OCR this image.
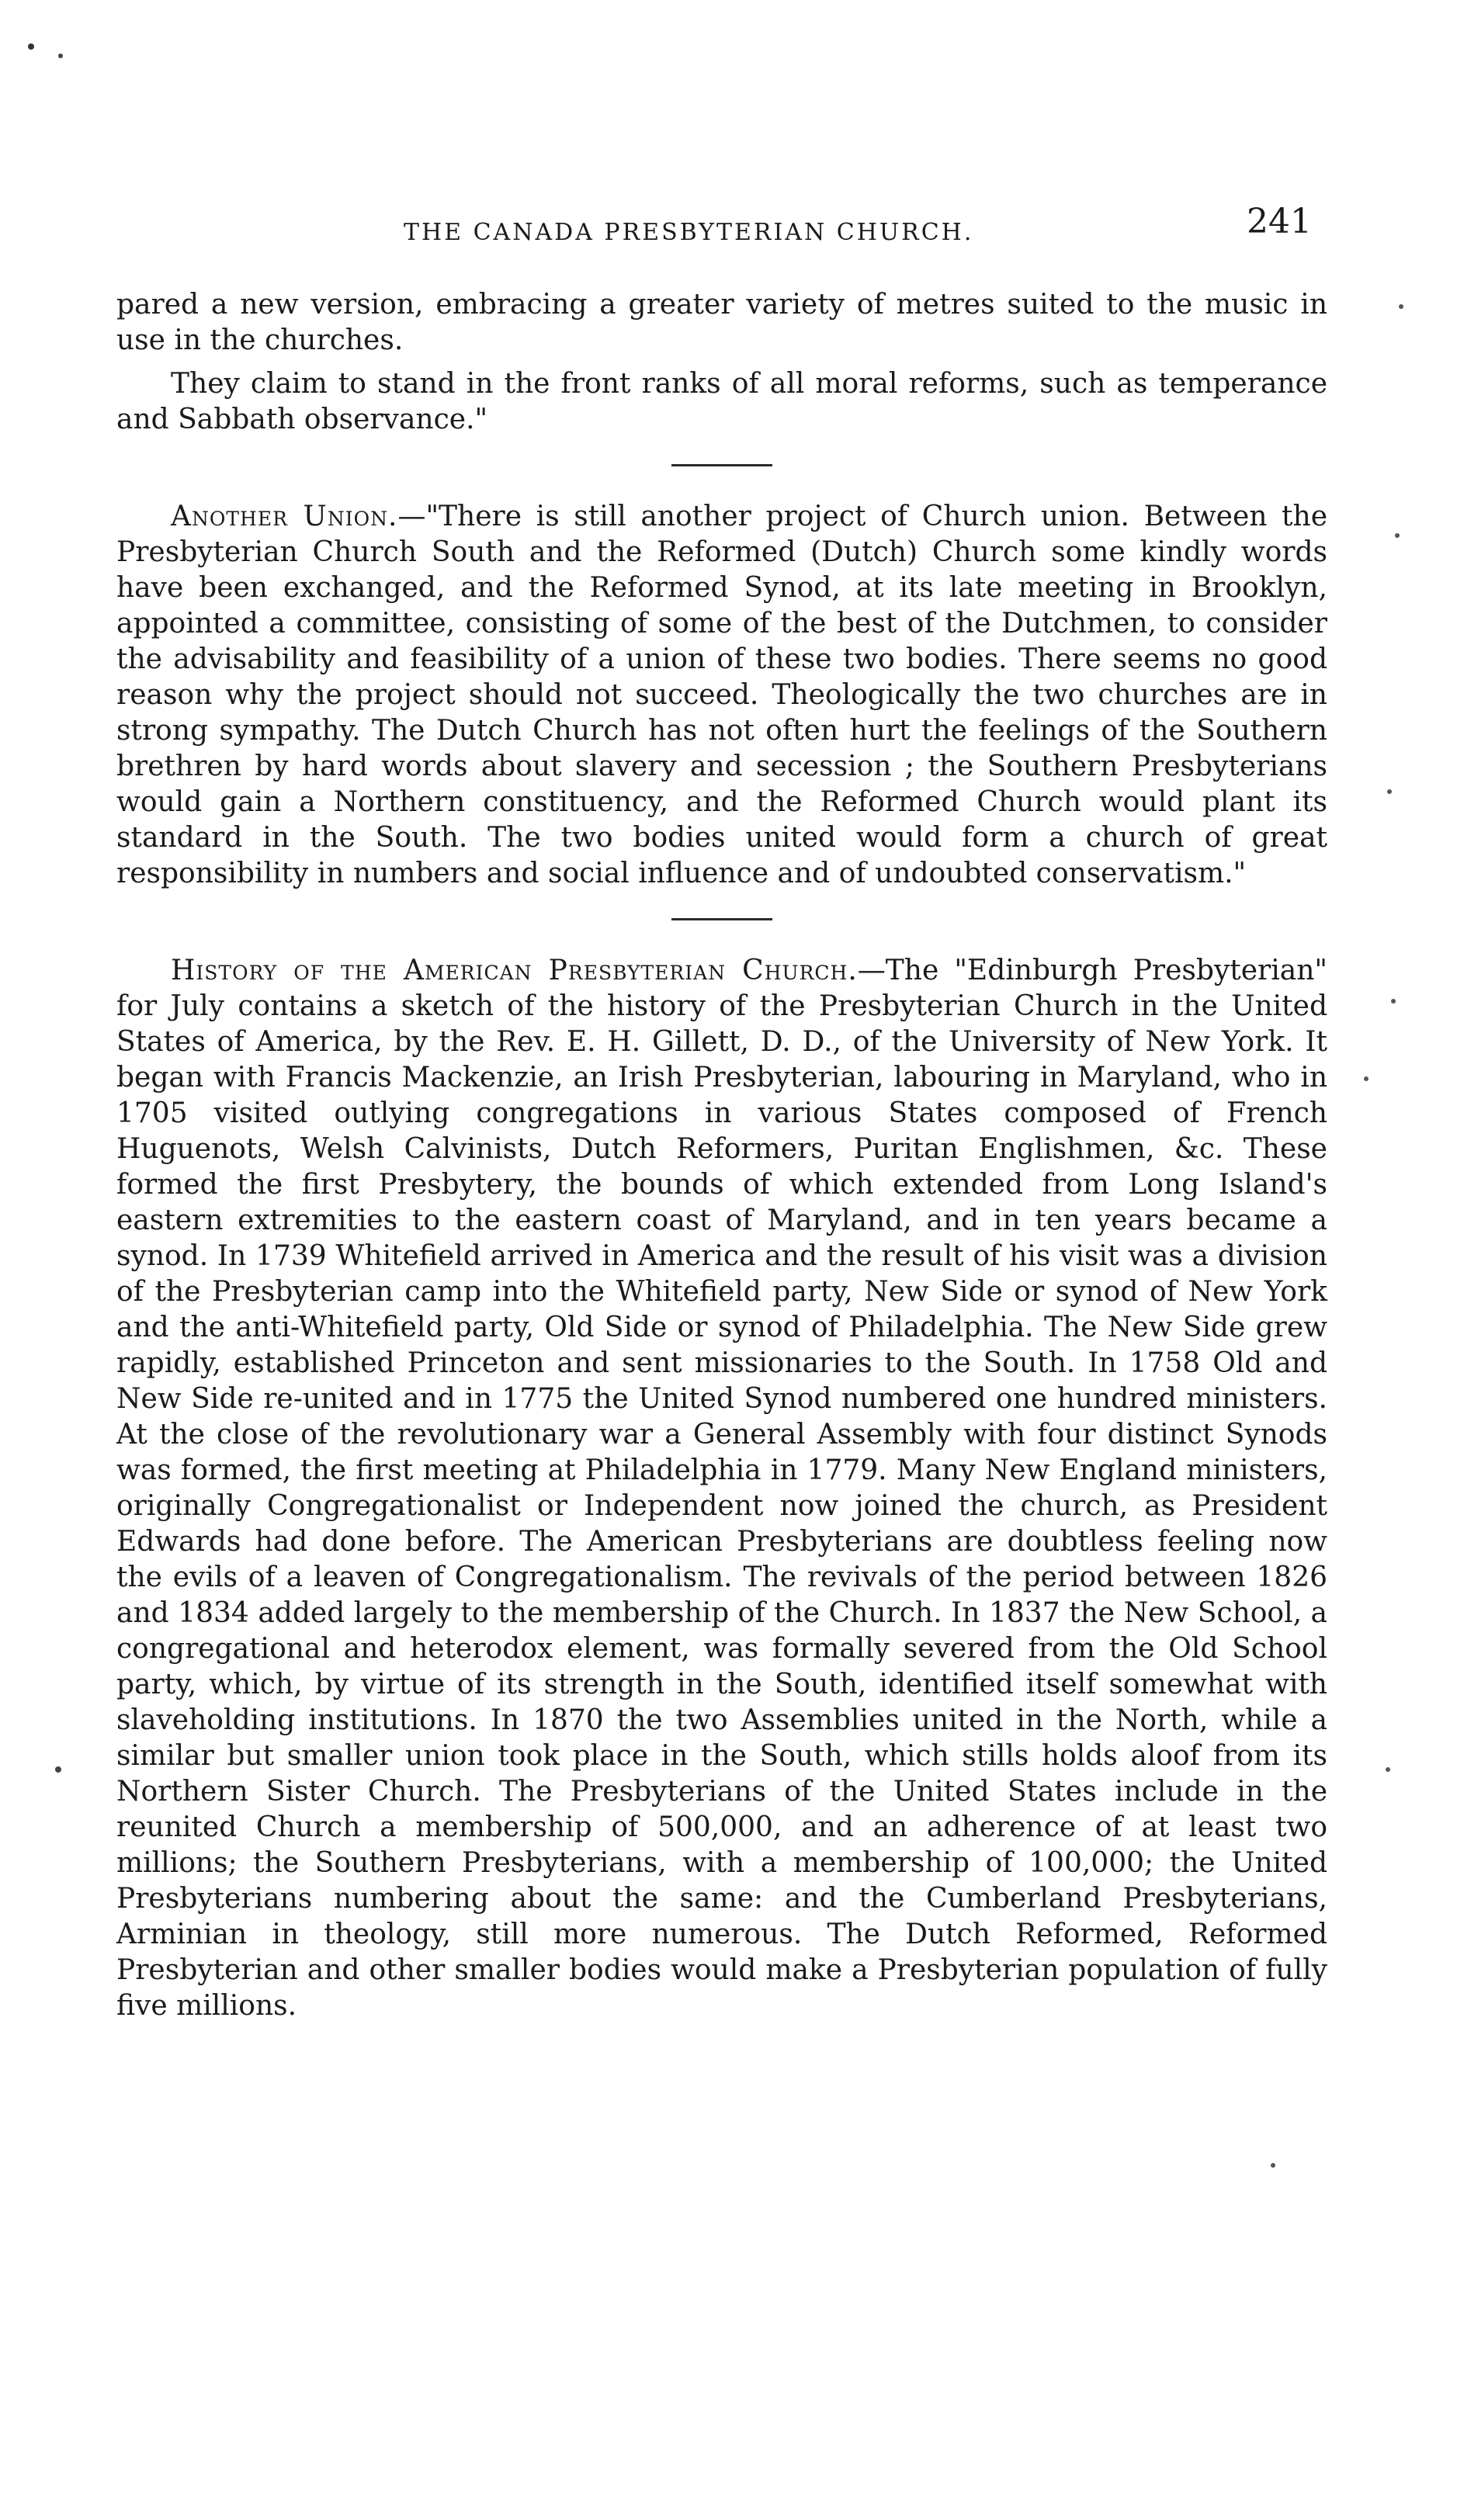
THE CANADA PRESBYTERIAN CHURCH.	241

pared a new version, embracing a greater variety of metres suited to the music in use in the churches.

They claim to stand in the front ranks of all moral reforms, such as temperance and Sabbath observance."

Another Union.—"There is still another project of Church union. Between the Presbyterian Church South and the Reformed (Dutch) Church some kindly words have been exchanged, and the Reformed Synod, at its late meeting in Brooklyn, appointed a committee, consisting of some of the best of the Dutchmen, to consider the advisability and feasibility of a union of these two bodies. There seems no good reason why the project should not succeed. Theologically the two churches are in strong sympathy. The Dutch Church has not often hurt the feelings of the Southern brethren by hard words about slavery and secession ; the Southern Presbyterians would gain a Northern constituency, and the Reformed Church would plant its standard in the South. The two bodies united would form a church of great responsibility in numbers and social influence and of undoubted conservatism."

History of the American Presbyterian Church.—The "Edinburgh Presbyterian" for July contains a sketch of the history of the Presbyterian Church in the United States of America, by the Rev. E. H. Gillett, D. D., of the University of New York. It began with Francis Mackenzie, an Irish Presbyterian, labouring in Maryland, who in 1705 visited outlying congregations in various States composed of French Huguenots, Welsh Calvinists, Dutch Reformers, Puritan Englishmen, &c. These formed the first Presbytery, the bounds of which extended from Long Island's eastern extremities to the eastern coast of Maryland, and in ten years became a synod. In 1739 Whitefield arrived in America and the result of his visit was a division of the Presbyterian camp into the Whitefield party, New Side or synod of New York and the anti-Whitefield party, Old Side or synod of Philadelphia. The New Side grew rapidly, established Princeton and sent missionaries to the South. In 1758 Old and New Side re-united and in 1775 the United Synod numbered one hundred ministers. At the close of the revolutionary war a General Assembly with four distinct Synods was formed, the first meeting at Philadelphia in 1779. Many New England ministers, originally Congregationalist or Independent now joined the church, as President Edwards had done before. The American Presbyterians are doubtless feeling now the evils of a leaven of Congregationalism. The revivals of the period between 1826 and 1834 added largely to the membership of the Church. In 1837 the New School, a congregational and heterodox element, was formally severed from the Old School party, which, by virtue of its strength in the South, identified itself somewhat with slaveholding institutions. In 1870 the two Assemblies united in the North, while a similar but smaller union took place in the South, which stills holds aloof from its Northern Sister Church. The Presbyterians of the United States include in the reunited Church a membership of 500,000, and an adherence of at least two millions; the Southern Presbyterians, with a membership of 100,000; the United Presbyterians numbering about the same: and the Cumberland Presbyterians, Arminian in theology, still more numerous. The Dutch Reformed, Reformed Presbyterian and other smaller bodies would make a Presbyterian population of fully five millions.
